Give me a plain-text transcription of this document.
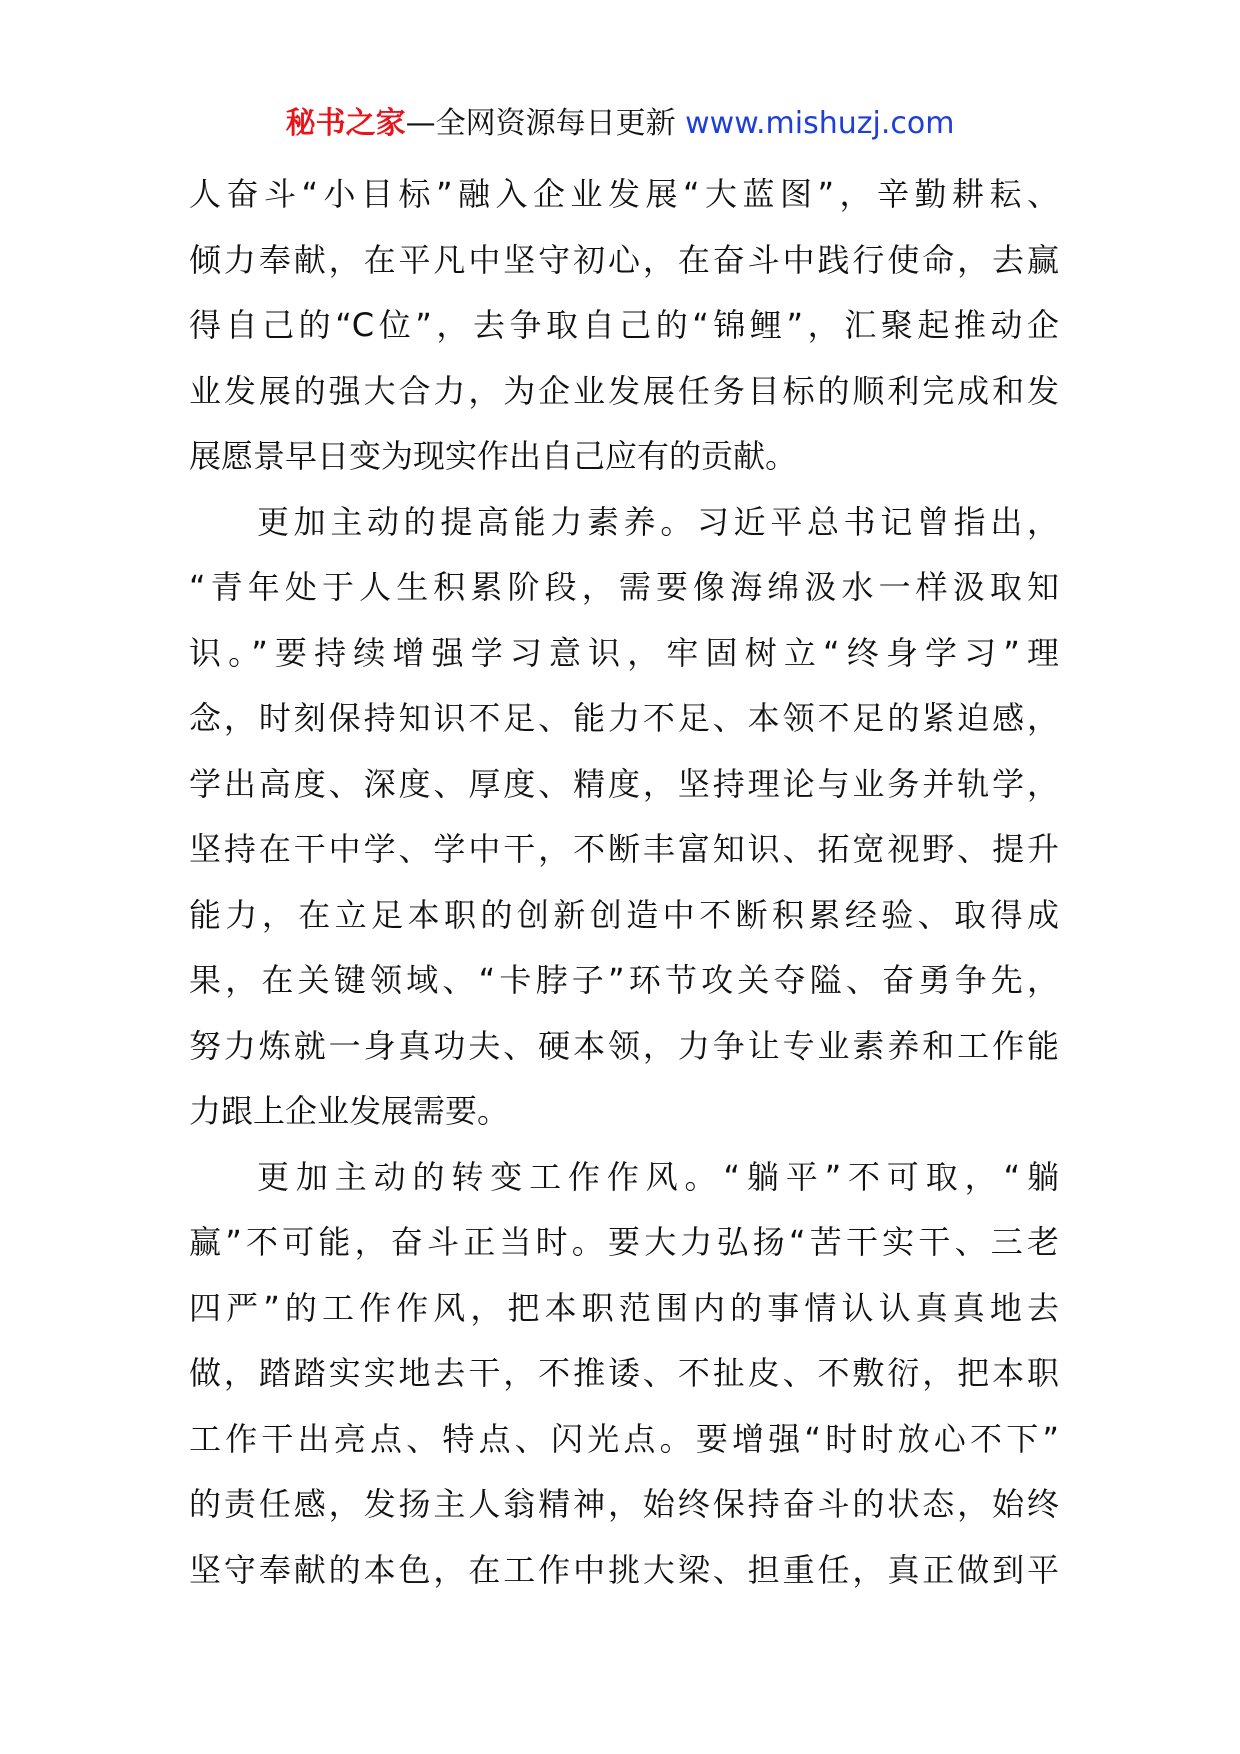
秘书之家—全网资源每日更新 www.mishuzj.com
人奋斗“小目标”融入企业发展“大蓝图”，辛勤耕耘、
倾力奉献，在平凡中坚守初心，在奋斗中践行使命，去赢
得自己的“C位”，去争取自己的“锦鲤”，汇聚起推动企
业发展的强大合力，为企业发展任务目标的顺利完成和发
展愿景早日变为现实作出自己应有的贡献。
更加主动的提高能力素养。习近平总书记曾指出，
“青年处于人生积累阶段，需要像海绵汲水一样汲取知
识。”要持续增强学习意识，牢固树立“终身学习”理
念，时刻保持知识不足、能力不足、本领不足的紧迫感，
学出高度、深度、厚度、精度，坚持理论与业务并轨学，
坚持在干中学、学中干，不断丰富知识、拓宽视野、提升
能力，在立足本职的创新创造中不断积累经验、取得成
果，在关键领域、“卡脖子”环节攻关夺隘、奋勇争先，
努力炼就一身真功夫、硬本领，力争让专业素养和工作能
力跟上企业发展需要。
更加主动的转变工作作风。“躺平”不可取，“躺
赢”不可能，奋斗正当时。要大力弘扬“苦干实干、三老
四严”的工作作风，把本职范围内的事情认认真真地去
做，踏踏实实地去干，不推诿、不扯皮、不敷衍，把本职
工作干出亮点、特点、闪光点。要增强“时时放心不下”
的责任感，发扬主人翁精神，始终保持奋斗的状态，始终
坚守奉献的本色，在工作中挑大梁、担重任，真正做到平
